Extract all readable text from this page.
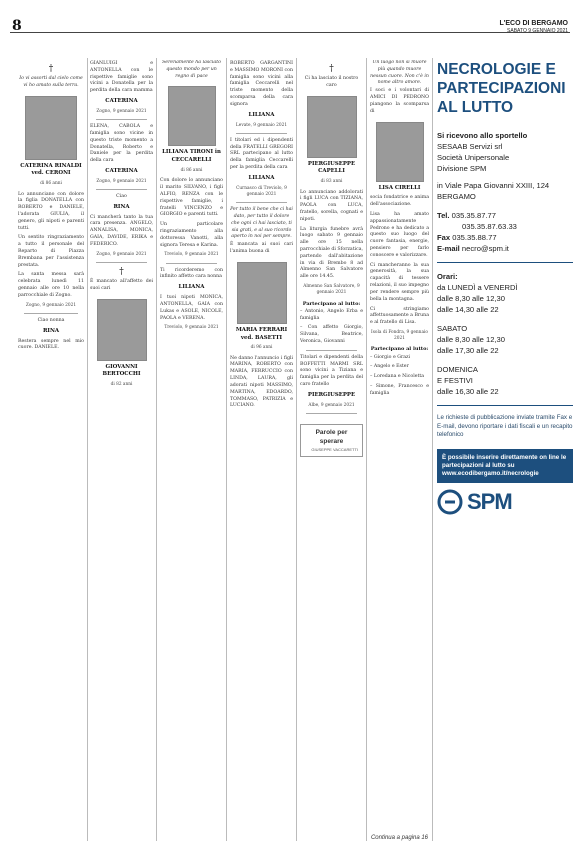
8	L'ECO DI BERGAMO
SABATO 9 GENNAIO 2021
†
Io vi assorti dal cielo come vi ho amato sulla terra.
CATERINA RINALDI ved. CERONI
di 86 anni

Lo annunciano con dolore la figlia DONATELLA con ROBERTO e DANIELE, l'adorata GIULIA, il genero, gli nipoti e parenti tutti.

Un sentito ringraziamento a tutto il personale del Reparto di Piazza Brembana per l'assistenza prestata.

La santa messa sarà celebrata lunedì 11 gennaio alle ore 10 nella parrocchiale di Zogno.

Zogno, 9 gennaio 2021
Ciao nonna
RINA

Restera sempre nel mio cuore. DANIELE.

GIANLUIGI e ANTONELLA con le rispettive famiglie sono vicini a Donatella per la perdita della cara mamma

CATERINA
Zogno, 9 gennaio 2021

ELENA, CABOLA e famiglia sono vicine in questo triste momento a Donatella, Roberto e Daniele per la perdita della cara

CATERINA
Zogno, 9 gennaio 2021
Ciao
RINA

Ci mancherà tanto la tua cara presenza. ANGELO, ANNALISA, MONICA, GAIA, DAVIDE, ERIKA e FEDERICO.

Zogno, 9 gennaio 2021
†

È mancato all'affetto dei suoi cari

GIOVANNI BERTOCCHI
di 82 anni
Serenamente ha lasciato questo mondo per un regno di pace
LILIANA TIRONI in CECCARELLI
di 86 anni

Con dolore lo annunciano il marito SILVANO, i figli ALFIO, RENZA con le rispettive famiglie, i fratelli VINCENZO e GIORGIO e parenti tutti.

Un particolare ringraziamento alla dottoressa Vanotti, alla signora Teresa e Karina.

Treviolo, 9 gennaio 2021

Ti ricorderemo con infinito affetto cara nonna

LILIANA

I tuoi nipoti MONICA, ANTONELLA, GAIA con Lukas e ASOLE, NICOLE, PAOLA e VERENA.

Treviolo, 9 gennaio 2021

ROBERTO GARGANTINI e MASSIMO MORONI con famiglia sono vicini alla famiglia Ceccarelli nel triste momento della scomparsa della cara signora

LILIANA
Levate, 9 gennaio 2021

I titolari ed i dipendenti della FRATELLI GREGORI SRL partecipano al lutto della famiglia Ceccarelli per la perdita della cara

LILIANA
Curnasco di Treviolo, 9 gennaio 2021
Per tutto il bene che ci hai dato, per tutto il dolore che ogni ci hai lasciato, ti sia grati, e al suo ricordo aperto in noi per sempre.

È mancata ai suoi cari l'anima buona di

MARIA FERRARI ved. BASETTI
di 96 anni

Ne danno l'annuncio i figli MARINA, ROBERTO con MARIA, FERRUCCIO con LINDA, LAURA, gli adorati nipoti MASSIMO, MARTINA, EDOARDO, TOMMASO, PATRIZIA e LUCIANO.

†
Ci ha lasciato il nostro caro
PIERGIUSEPPE CAPELLI
di 83 anni

Lo annunciano addolorati i figli LUCA con TIZIANA, PAOLA con LUCA, fratello, sorella, cognati e nipoti.

La liturgia funebre avrà luogo sabato 9 gennaio alle ore 15 nella parrocchiale di Sforzatica, partendo dall'abitazione in via di Brembo 8 ad Almenno San Salvatore alle ore 14.45.

Almenno San Salvatore, 9 gennaio 2021
Partecipano al lutto:

– Antonio, Angelo Erba e famiglia

– Con affetto Giorgio, Silvana, Beatrice, Veronica, Giovanni

Titolari e dipendenti della BOFFETTI MARMI SRL sono vicini a Tiziana e famiglia per la perdita del caro fratello

PIERGIUSEPPE
Albe, 9 gennaio 2021
Parole per sperare
GIUSEPPE VACCARETTI
Un luogo non si muore più quando muore nessun cuore. Non c'è in nome altro amore.

I soci e i volontari di AMICI DI PEDRONO piangono la scomparsa di

LISA CIRELLI

socia fondatrice e anima dell'associazione.

Lisa ha amato appassionatamente Pedrono e ha dedicato a questo suo luogo del cuore fantasia, energie, pensiero per farlo conoscere e valorizzare.

Ci mancheranno la sua generosità, la sua capacità di tessere relazioni, il suo impegno per rendere sempre più bella la montagna.

Ci stringiamo affettuosamente a Bruna e al fratello di Lisa.

Isola di Fondra, 9 gennaio 2021
Partecipano al lutto:

– Giorgio e Grazi

– Angelo e Ester

– Loredana e Nicoletta

– Simone, Francesco e famiglia

Continua a pagina 16
NECROLOGIE E PARTECIPAZIONI AL LUTTO
Si ricevono allo sportello
SESAAB Servizi srl
Società Unipersonale
Divisione SPM
in Viale Papa Giovanni XXIII, 124
BERGAMO
Tel. 035.35.87.77
035.35.87.63.33
Fax 035.35.88.77
E-mail necro@spm.it
Orari:
da LUNEDÌ a VENERDÌ
dalle 8,30 alle 12,30
dalle 14,30 alle 22
SABATO
dalle 8,30 alle 12,30
dalle 17,30 alle 22
DOMENICA
E FESTIVI
dalle 16,30 alle 22
Le richieste di pubblicazione inviate tramite Fax e E-mail, devono riportare i dati fiscali e un recapito telefonico
È possibile inserire direttamente on line le partecipazioni al lutto su www.ecodibergamo.it/necrologie
SPM
